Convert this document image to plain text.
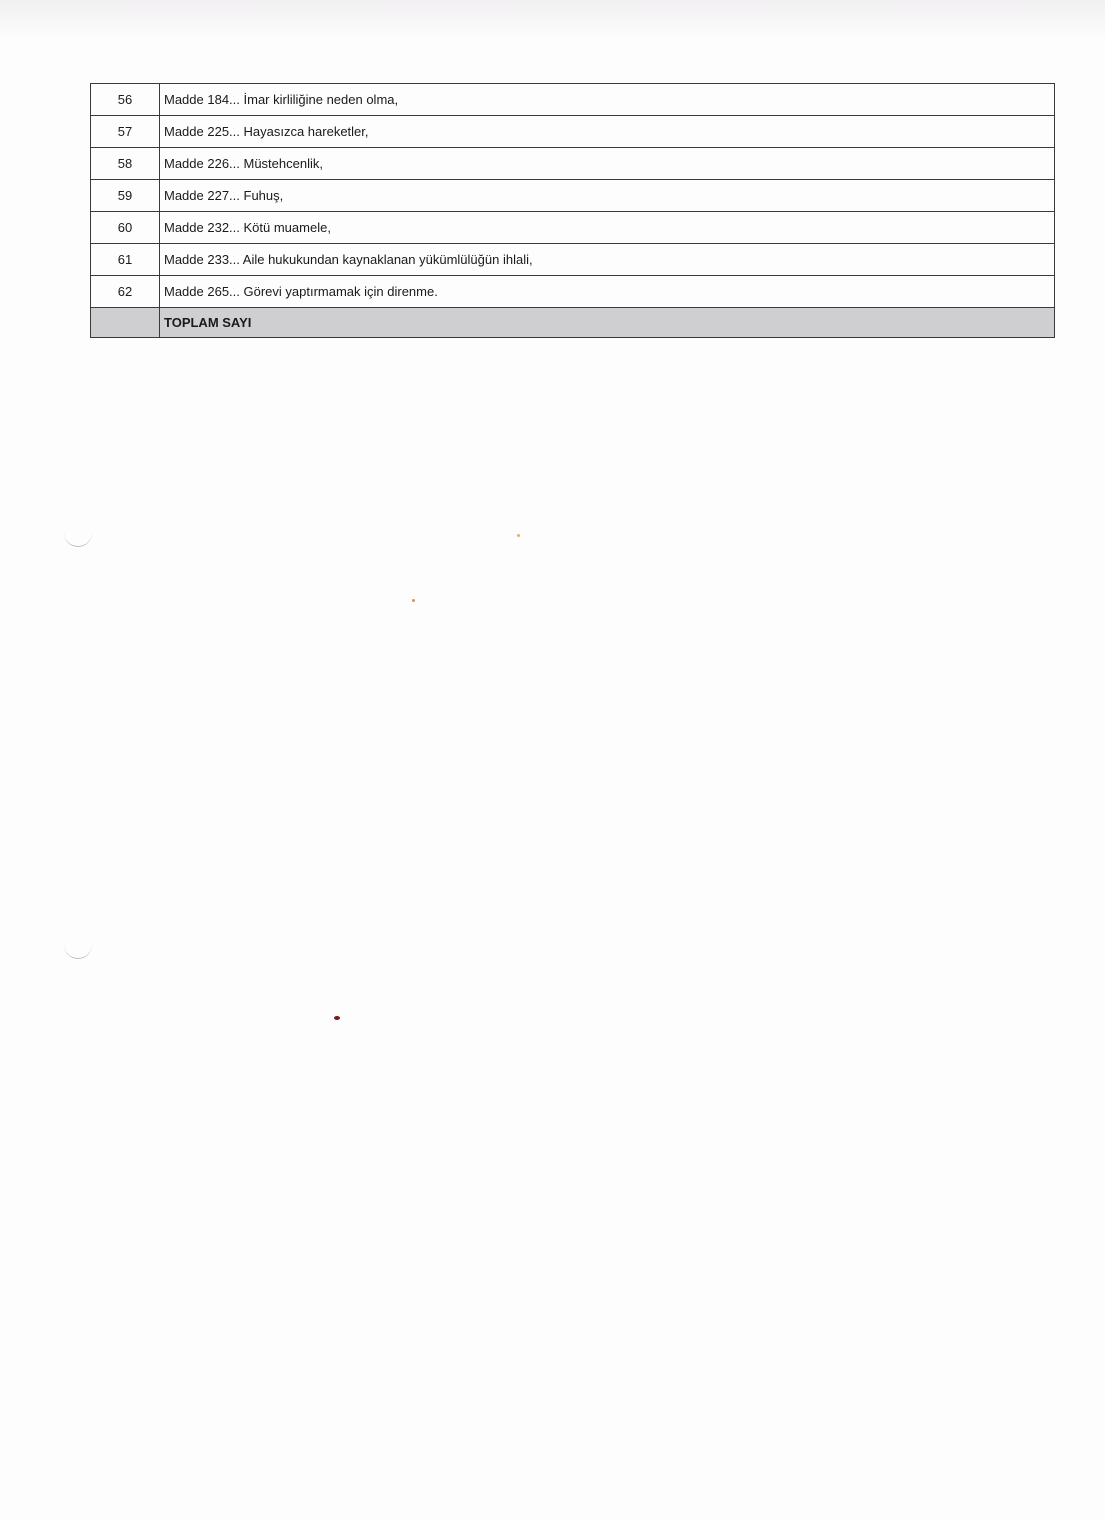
56	Madde 184... İmar kirliliğine neden olma,
57	Madde 225... Hayasızca hareketler,
58	Madde 226... Müstehcenlik,
59	Madde 227... Fuhuş,
60	Madde 232... Kötü muamele,
61	Madde 233... Aile hukukundan kaynaklanan yükümlülüğün ihlali,
62	Madde 265... Görevi yaptırmamak için direnme.
	TOPLAM SAYI
